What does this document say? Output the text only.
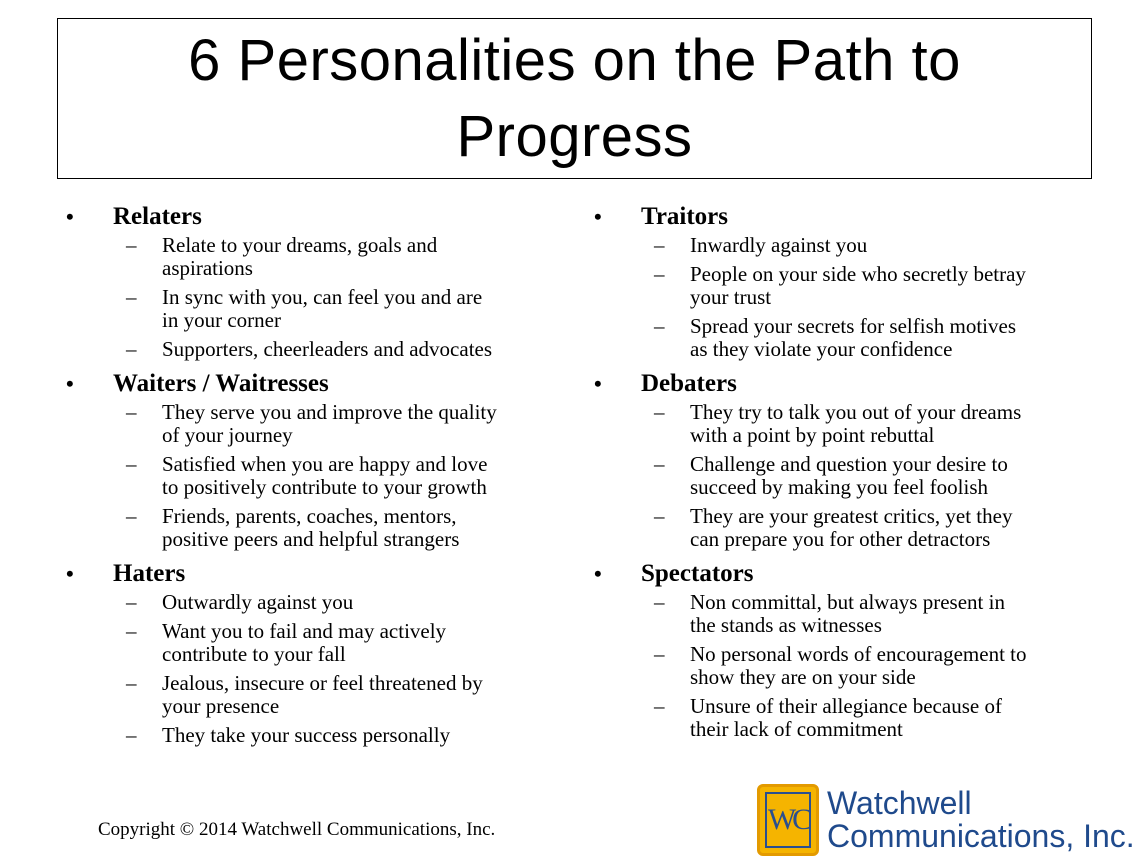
6 Personalities on the Path to Progress
•	Relaters
–	Relate to your dreams, goals and
aspirations
–	In sync with you, can feel you and are
in your corner
–	Supporters, cheerleaders and advocates
•	Waiters / Waitresses
–	They serve you and improve the quality
of your journey
–	Satisfied when you are happy and love
to positively contribute to your growth
–	Friends, parents, coaches, mentors,
positive peers and helpful strangers
•	Haters
–	Outwardly against you
–	Want you to fail and may actively
contribute to your fall
–	Jealous, insecure or feel threatened by
your presence
–	They take your success personally
•	Traitors
–	Inwardly against you
–	People on your side who secretly betray
your trust
–	Spread your secrets for selfish motives
as they violate your confidence
•	Debaters
–	They try to talk you out of your dreams
with a point by point rebuttal
–	Challenge and question your desire to
succeed by making you feel foolish
–	They are your greatest critics, yet they
can prepare you for other detractors
•	Spectators
–	Non committal, but always present in
the stands as witnesses
–	No personal words of encouragement to
show they are on your side
–	Unsure of their allegiance because of
their lack of commitment
Copyright © 2014 Watchwell Communications, Inc.	WC Watchwell
Communications, Inc.
